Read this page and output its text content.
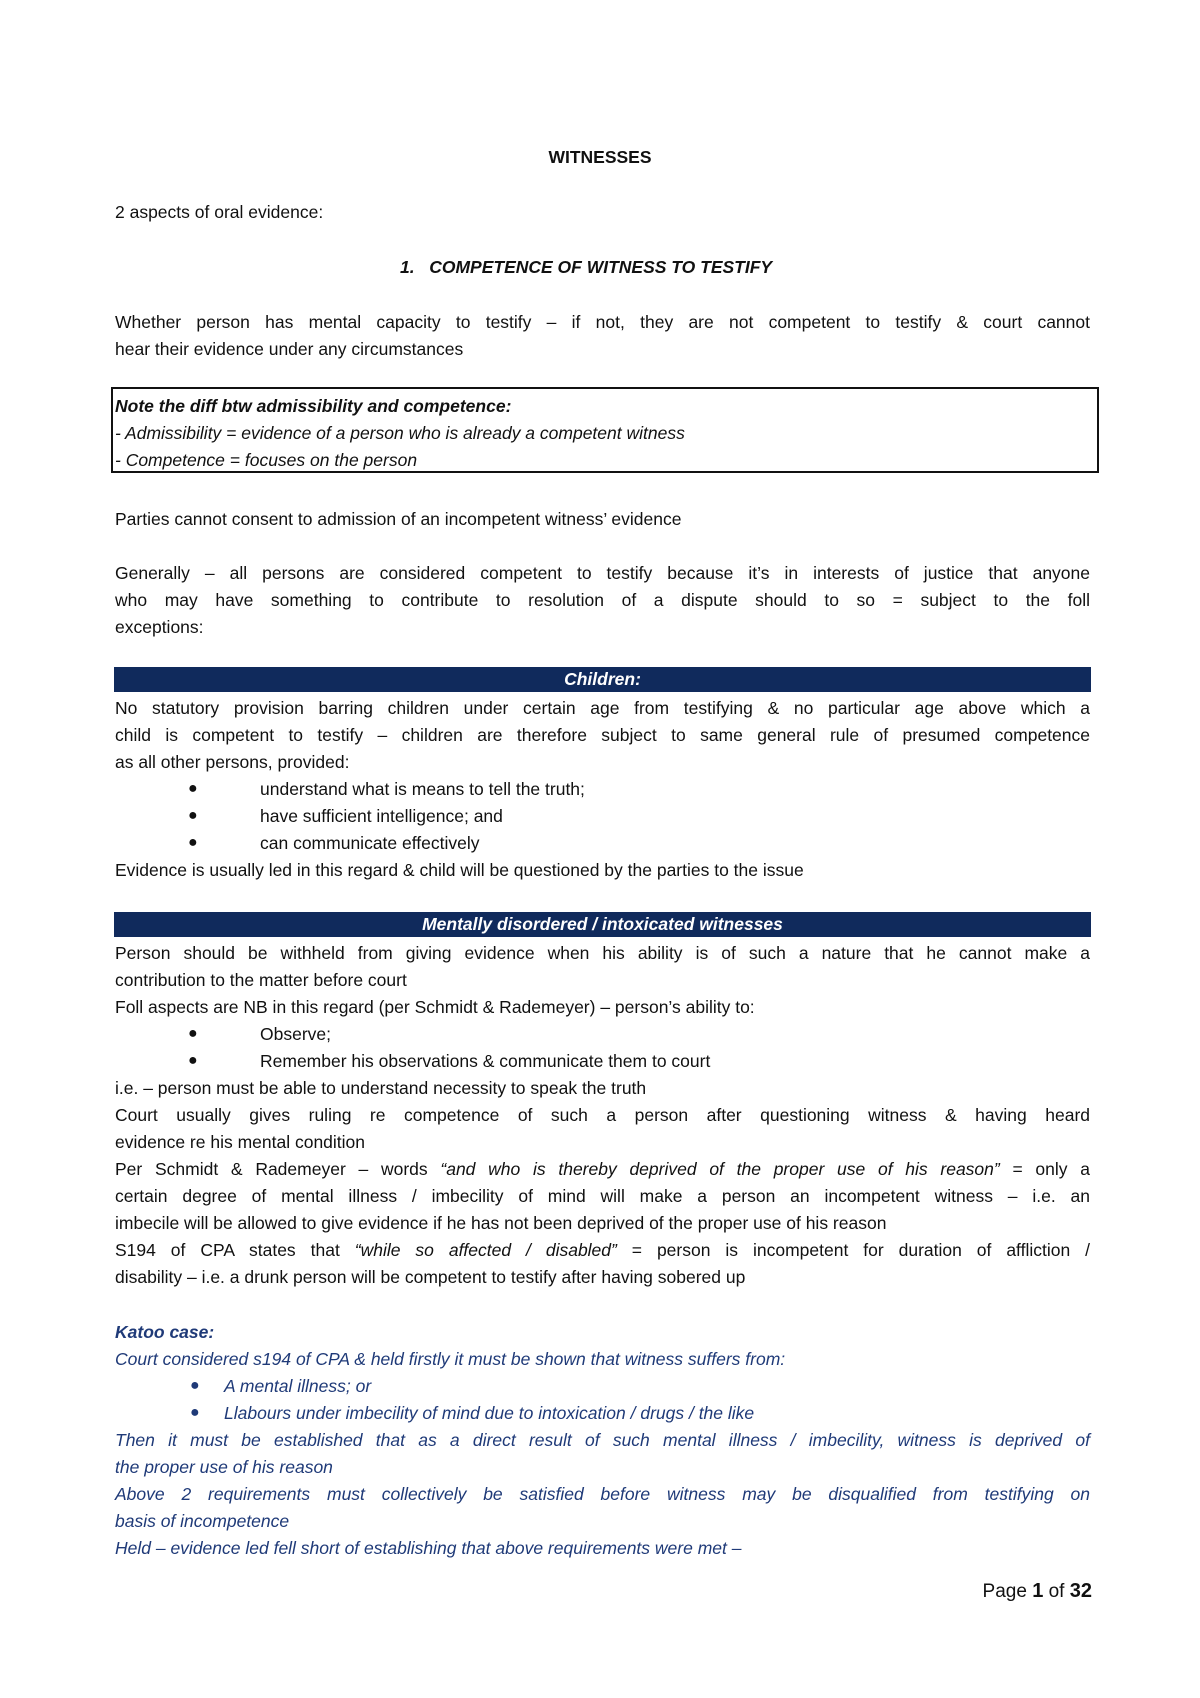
WITNESSES
2 aspects of oral evidence:
1. COMPETENCE OF WITNESS TO TESTIFY
Whether person has mental capacity to testify – if not, they are not competent to testify & court cannot
hear their evidence under any circumstances
Note the diff btw admissibility and competence:
- Admissibility = evidence of a person who is already a competent witness
- Competence = focuses on the person
Parties cannot consent to admission of an incompetent witness’ evidence
Generally – all persons are considered competent to testify because it’s in interests of justice that anyone
who may have something to contribute to resolution of a dispute should to so = subject to the foll
exceptions:
Children:
No statutory provision barring children under certain age from testifying & no particular age above which a
child is competent to testify – children are therefore subject to same general rule of presumed competence
as all other persons, provided:
●	understand what is means to tell the truth;
●	have sufficient intelligence; and
●	can communicate effectively
Evidence is usually led in this regard & child will be questioned by the parties to the issue
Mentally disordered / intoxicated witnesses
Person should be withheld from giving evidence when his ability is of such a nature that he cannot make a
contribution to the matter before court
Foll aspects are NB in this regard (per Schmidt & Rademeyer) – person’s ability to:
●	Observe;
●	Remember his observations & communicate them to court
i.e. – person must be able to understand necessity to speak the truth
Court usually gives ruling re competence of such a person after questioning witness & having heard
evidence re his mental condition
Per Schmidt & Rademeyer – words “and who is thereby deprived of the proper use of his reason” = only a
certain degree of mental illness / imbecility of mind will make a person an incompetent witness – i.e. an
imbecile will be allowed to give evidence if he has not been deprived of the proper use of his reason
S194 of CPA states that “while so affected / disabled” = person is incompetent for duration of affliction /
disability – i.e. a drunk person will be competent to testify after having sobered up
Katoo case:
Court considered s194 of CPA & held firstly it must be shown that witness suffers from:
● A mental illness; or
● Llabours under imbecility of mind due to intoxication / drugs / the like
Then it must be established that as a direct result of such mental illness / imbecility, witness is deprived of
the proper use of his reason
Above 2 requirements must collectively be satisfied before witness may be disqualified from testifying on
basis of incompetence
Held – evidence led fell short of establishing that above requirements were met –
Page 1 of 32
